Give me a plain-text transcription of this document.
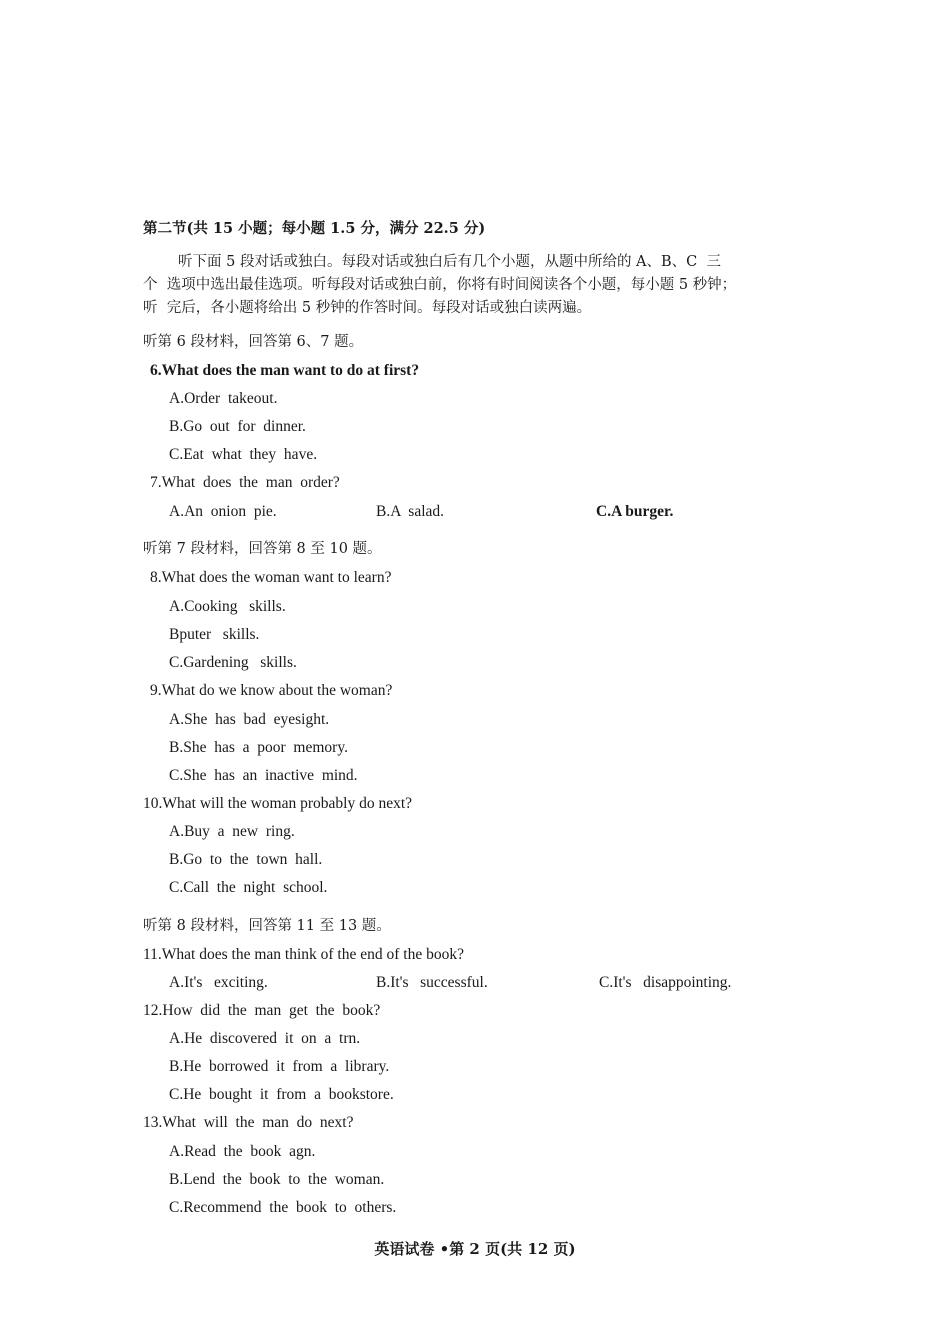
第二节(共 15 小题；每小题 1.5 分，满分 22.5 分)
听下面 5 段对话或独白。每段对话或独白后有几个小题，从题中所给的 A、B、C  三
个  选项中选出最佳选项。听每段对话或独白前，你将有时间阅读各个小题，每小题 5 秒钟；
听  完后，各小题将给出 5 秒钟的作答时间。每段对话或独白读两遍。
听第 6 段材料，回答第 6、7 题。
6.What does the man want to do at first?
A.Order  takeout.
B.Go  out  for  dinner.
C.Eat  what  they  have.
7.What  does  the  man  order?
A.An  onion  pie.	B.A  salad.	C.A burger.
听第 7 段材料，回答第 8 至 10 题。
8.What does the woman want to learn?
A.Cooking   skills.
Bputer   skills.
C.Gardening   skills.
9.What do we know about the woman?
A.She  has  bad  eyesight.
B.She  has  a  poor  memory.
C.She  has  an  inactive  mind.
10.What will the woman probably do next?
A.Buy  a  new  ring.
B.Go  to  the  town  hall.
C.Call  the  night  school.
听第 8 段材料，回答第 11 至 13 题。
11.What does the man think of the end of the book?
A.It's   exciting.	B.It's   successful.	C.It's   disappointing.
12.How  did  the  man  get  the  book?
A.He  discovered  it  on  a  trn.
B.He  borrowed  it  from  a  library.
C.He  bought  it  from  a  bookstore.
13.What  will  the  man  do  next?
A.Read  the  book  agn.
B.Lend  the  book  to  the  woman.
C.Recommend  the  book  to  others.
英语试卷 •第 2 页(共 12 页)
